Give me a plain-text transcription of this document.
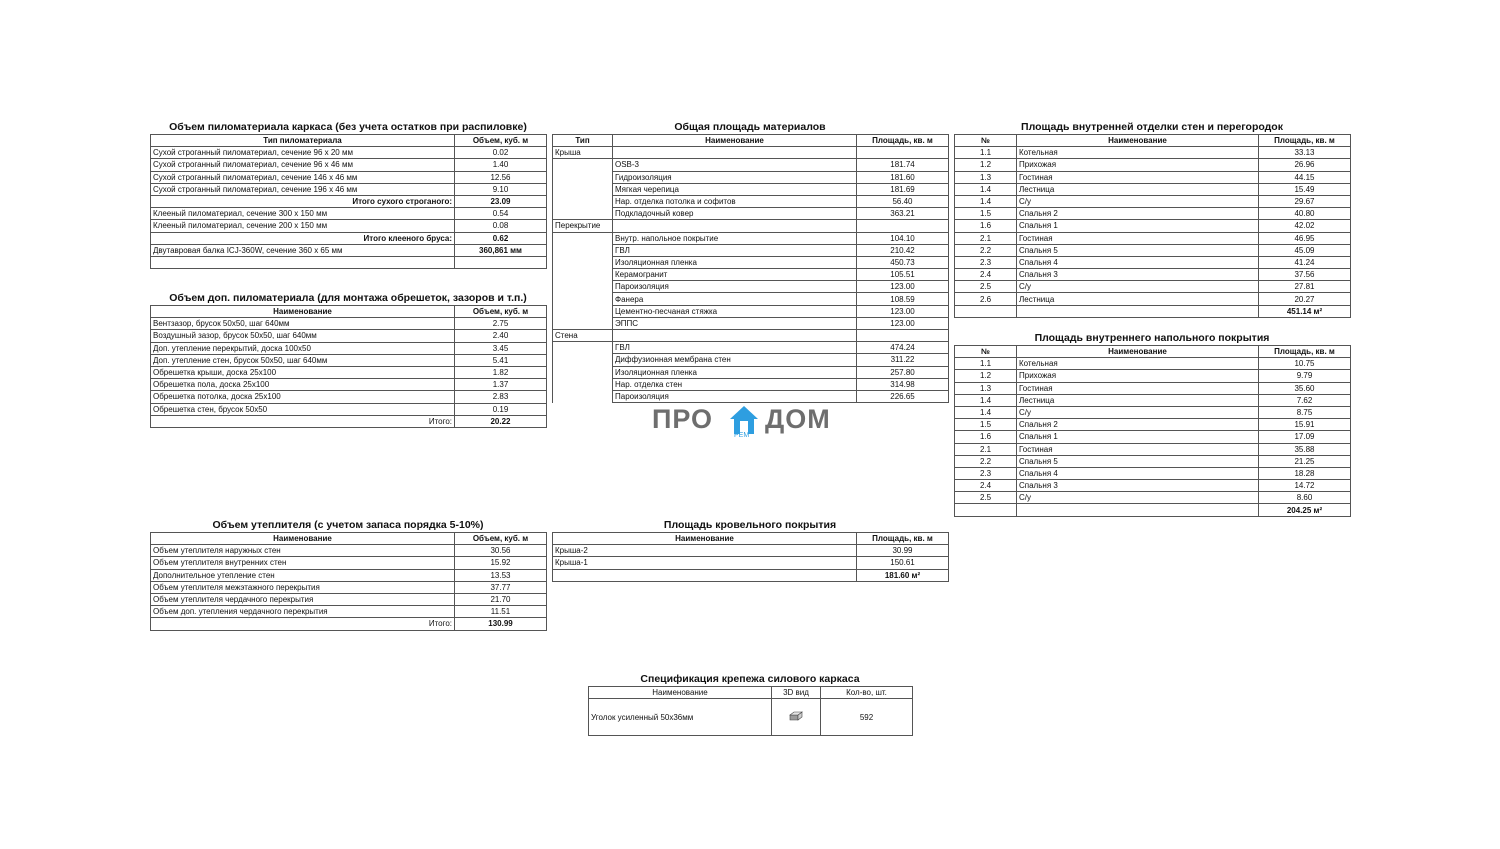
Объем пиломатериала каркаса (без учета остатков при распиловке)
Тип пиломатериала	Объем, куб. м
Сухой строганный пиломатериал, сечение 96 х 20 мм	0.02
Сухой строганный пиломатериал, сечение 96 х 46 мм	1.40
Сухой строганный пиломатериал, сечение 146 х 46 мм	12.56
Сухой строганный пиломатериал, сечение 196 х 46 мм	9.10
Итого сухого строганого:	23.09
Клееный пиломатериал, сечение 300 х 150 мм	0.54
Клееный пиломатериал, сечение 200 х 150 мм	0.08
Итого клееного бруса:	0.62
Двутавровая балка ICJ-360W, сечение 360 х 65 мм	360,861 мм

Объем доп. пиломатериала (для монтажа обрешеток, зазоров и т.п.)
Наименование	Объем, куб. м
Вентзазор, брусок 50х50, шаг 640мм	2.75
Воздушный зазор, брусок 50х50, шаг 640мм	2.40
Доп. утепление перекрытий, доска 100х50	3.45
Доп. утепление стен, брусок 50х50, шаг 640мм	5.41
Обрешетка крыши, доска 25х100	1.82
Обрешетка пола, доска 25х100	1.37
Обрешетка потолка, доска 25х100	2.83
Обрешетка стен, брусок 50х50	0.19
Итого:	20.22
Объем утеплителя (с учетом запаса порядка 5-10%)
Наименование	Объем, куб. м
Объем утеплителя наружных стен	30.56
Объем утеплителя внутренних стен	15.92
Дополнительное утепление стен	13.53
Объем утеплителя межэтажного перекрытия	37.77
Объем утеплителя чердачного перекрытия	21.70
Объем доп. утепления чердачного перекрытия	11.51
Итого:	130.99
Общая площадь материалов
Тип	Наименование	Площадь, кв. м
Крыша		
	OSB-3	181.74
	Гидроизоляция	181.60
	Мягкая черепица	181.69
	Нар. отделка потолка и софитов	56.40
	Подкладочный ковер	363.21
Перекрытие		
	Внутр. напольное покрытие	104.10
	ГВЛ	210.42
	Изоляционная пленка	450.73
	Керамогранит	105.51
	Пароизоляция	123.00
	Фанера	108.59
	Цементно-песчаная стяжка	123.00
	ЭППС	123.00
Стена		
	ГВЛ	474.24
	Диффузионная мембрана стен	311.22
	Изоляционная пленка	257.80
	Нар. отделка стен	314.98
	Пароизоляция	226.65
ПРО
РЕМ
ДОМ
Площадь кровельного покрытия
Наименование	Площадь, кв. м
Крыша-2	30.99
Крыша-1	150.61
	181.60 м²
Площадь внутренней отделки стен и перегородок
№	Наименование	Площадь, кв. м
1.1	Котельная	33.13
1.2	Прихожая	26.96
1.3	Гостиная	44.15
1.4	Лестница	15.49
1.4	С/у	29.67
1.5	Спальня 2	40.80
1.6	Спальня 1	42.02
2.1	Гостиная	46.95
2.2	Спальня 5	45.09
2.3	Спальня 4	41.24
2.4	Спальня 3	37.56
2.5	С/у	27.81
2.6	Лестница	20.27
		451.14 м²
Площадь внутреннего напольного покрытия
№	Наименование	Площадь, кв. м
1.1	Котельная	10.75
1.2	Прихожая	9.79
1.3	Гостиная	35.60
1.4	Лестница	7.62
1.4	С/у	8.75
1.5	Спальня 2	15.91
1.6	Спальня 1	17.09
2.1	Гостиная	35.88
2.2	Спальня 5	21.25
2.3	Спальня 4	18.28
2.4	Спальня 3	14.72
2.5	С/у	8.60
		204.25 м²
Спецификация крепежа силового каркаса
Наименование	3D вид	Кол-во, шт.
Уголок усиленный 50х36мм		592
